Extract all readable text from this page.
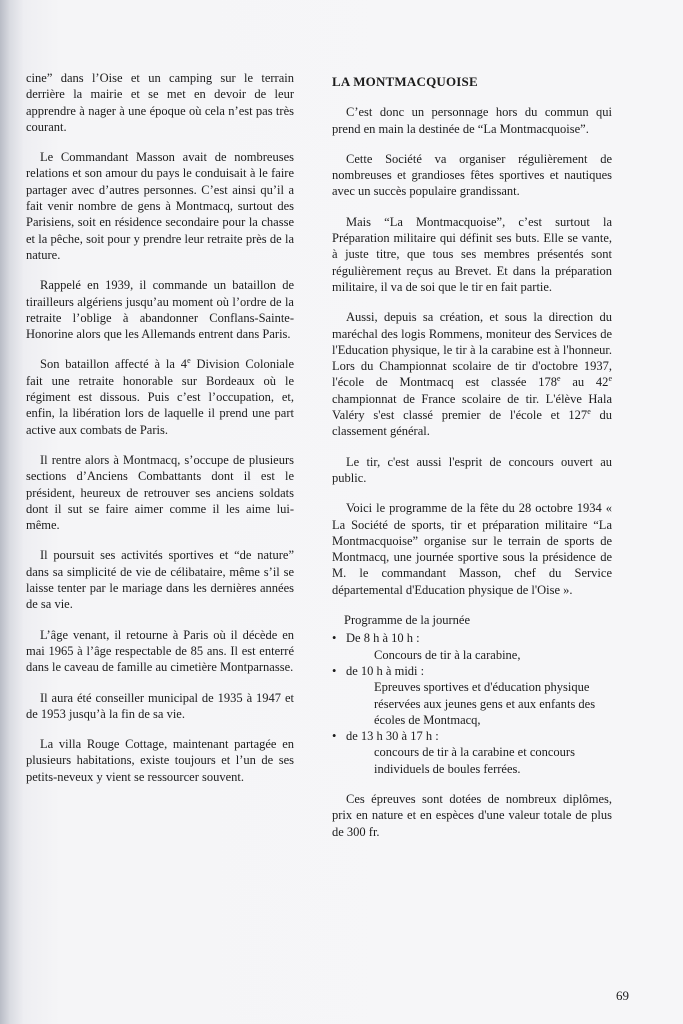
cine” dans l’Oise et un camping sur le terrain derrière la mairie et se met en devoir de leur apprendre à nager à une époque où cela n’est pas très courant.

Le Commandant Masson avait de nombreuses relations et son amour du pays le conduisait à le faire partager avec d’autres personnes. C’est ainsi qu’il a fait venir nombre de gens à Montmacq, surtout des Parisiens, soit en résidence secondaire pour la chasse et la pêche, soit pour y prendre leur retraite près de la nature.

Rappelé en 1939, il commande un bataillon de tirailleurs algériens jusqu’au moment où l’ordre de la retraite l’oblige à abandonner Conflans-Sainte-Honorine alors que les Allemands entrent dans Paris.

Son bataillon affecté à la 4e Division Coloniale fait une retraite honorable sur Bordeaux où le régiment est dissous. Puis c’est l’occupation, et, enfin, la libération lors de laquelle il prend une part active aux combats de Paris.

Il rentre alors à Montmacq, s’occupe de plusieurs sections d’Anciens Combattants dont il est le président, heureux de retrouver ses anciens soldats dont il sut se faire aimer comme il les aime lui-même.

Il poursuit ses activités sportives et “de nature” dans sa simplicité de vie de célibataire, même s’il se laisse tenter par le mariage dans les dernières années de sa vie.

L’âge venant, il retourne à Paris où il décède en mai 1965 à l’âge respectable de 85 ans. Il est enterré dans le caveau de famille au cimetière Montparnasse.

Il aura été conseiller municipal de 1935 à 1947 et de 1953 jusqu’à la fin de sa vie.

La villa Rouge Cottage, maintenant partagée en plusieurs habitations, existe toujours et l’un de ses petits-neveux y vient se ressourcer souvent.

LA MONTMACQUOISE

C’est donc un personnage hors du commun qui prend en main la destinée de “La Montmacquoise”.

Cette Société va organiser régulièrement de nombreuses et grandioses fêtes sportives et nautiques avec un succès populaire grandissant.

Mais “La Montmacquoise”, c’est surtout la Préparation militaire qui définit ses buts. Elle se vante, à juste titre, que tous ses membres présentés sont régulièrement reçus au Brevet. Et dans la préparation militaire, il va de soi que le tir en fait partie.

Aussi, depuis sa création, et sous la direction du maréchal des logis Rommens, moniteur des Services de l'Education physique, le tir à la carabine est à l'honneur. Lors du Championnat scolaire de tir d'octobre 1937, l'école de Montmacq est classée 178e au 42e championnat de France scolaire de tir. L'élève Hala Valéry s'est classé premier de l'école et 127e du classement général.

Le tir, c'est aussi l'esprit de concours ouvert au public.

Voici le programme de la fête du 28 octobre 1934 « La Société de sports, tir et préparation militaire “La Montmacquoise” organise sur le terrain de sports de Montmacq, une journée sportive sous la présidence de M. le commandant Masson, chef du Service départemental d'Education physique de l'Oise ».

Programme de la journée
• De 8 h à 10 h :
Concours de tir à la carabine,
• de 10 h à midi :
Epreuves sportives et d'éducation physique réservées aux jeunes gens et aux enfants des écoles de Montmacq,
• de 13 h 30 à 17 h :
concours de tir à la carabine et concours individuels de boules ferrées.

Ces épreuves sont dotées de nombreux diplômes, prix en nature et en espèces d'une valeur totale de plus de 300 fr.

69
